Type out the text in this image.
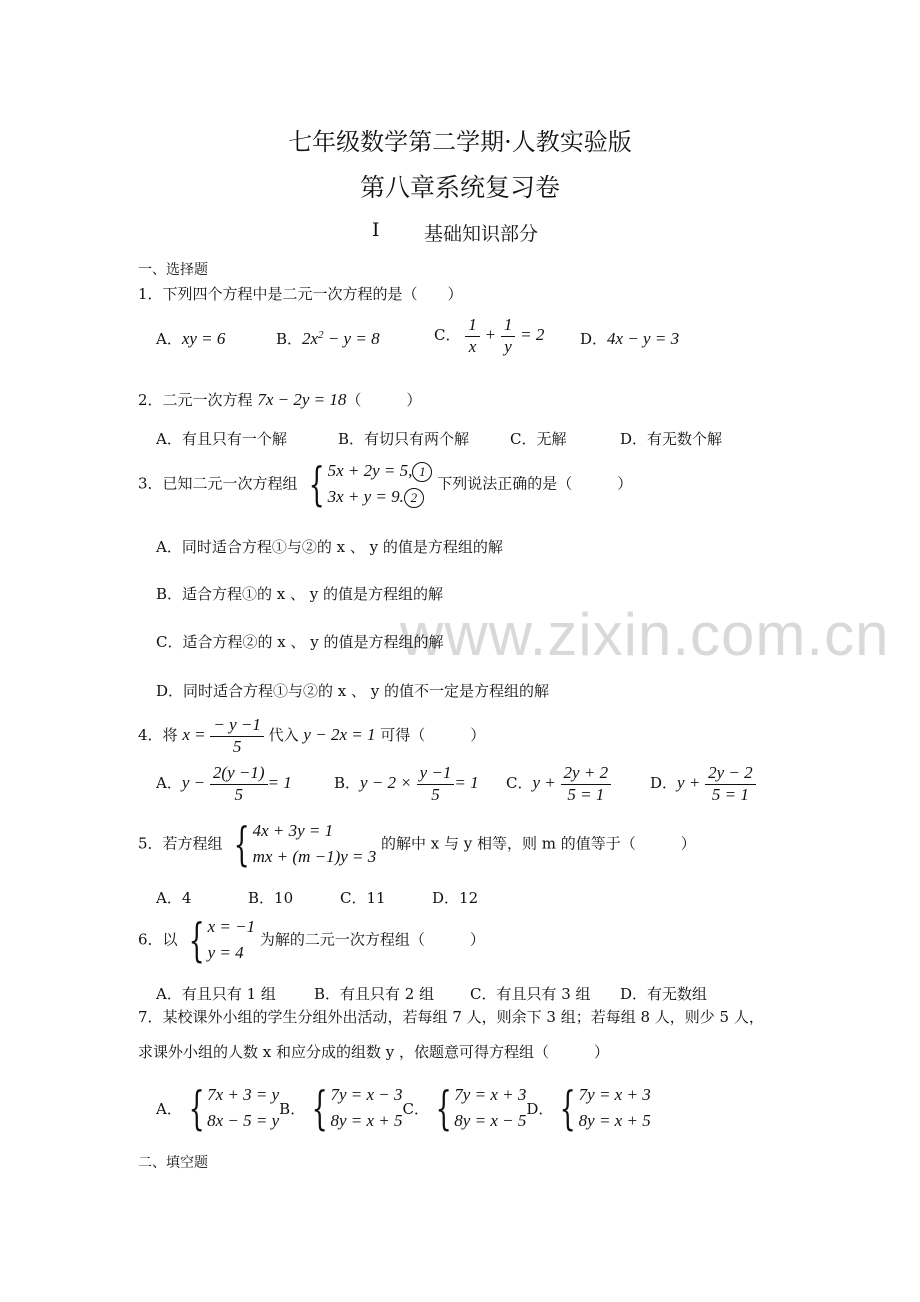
七年级数学第二学期·人教实验版
第八章系统复习卷
Ⅰ 基础知识部分
www.zixin.com.cn
一、选择题
1．下列四个方程中是二元一次方程的是（　　）
A．xy = 6	B．$2x^2 - y = 8$	C． $\frac{1}{x} + \frac{1}{y} = 2$ D．4x − y = 3
2．二元一次方程 7x − 2y = 18（　　　）
A．有且只有一个解	B．有切只有两个解	C．无解	D．有无数个解
3．已知二元一次方程组 { 5x + 2y = 5, 1
3x + y = 9. 2
下列说法正确的是（　　　）
A．同时适合方程①与②的 x 、 y 的值是方程组的解
B．适合方程①的 x 、 y 的值是方程组的解
C．适合方程②的 x 、 y 的值是方程组的解
D．同时适合方程①与②的 x 、 y 的值不一定是方程组的解
4．将 $x = \frac{- y -1}{5}$ 代入 y − 2x = 1 可得（　　　）
A．$y - \frac{2(y -1)}{5} = 1$	B．$y - 2 \times \frac{y -1}{5} = 1$ C．$y + \frac{2y + 2}{5 = 1}$	D．$y + \frac{2y - 2}{5 = 1}$
5．若方程组 { 4x + 3y = 1
mx + (m −1)y = 3
的解中 x 与 y 相等，则 m 的值等于（　　　）
A．4	B．10	C．11	D．12
6．以 { x = −1
y = 4
为解的二元一次方程组（　　　）
A．有且只有 1 组	B．有且只有 2 组 C．有且只有 3 组 D．有无数组
7．某校课外小组的学生分组外出活动，若每组 7 人，则余下 3 组；若每组 8 人，则少 5 人，
求课外小组的人数 x 和应分成的组数 y ，依题意可得方程组（　　　）
A． { 7x + 3 = y
8x − 5 = y
B． { 7y = x − 3
8y = x + 5
C． { 7y = x + 3
8y = x − 5
D． { 7y = x + 3
8y = x + 5
二、填空题
